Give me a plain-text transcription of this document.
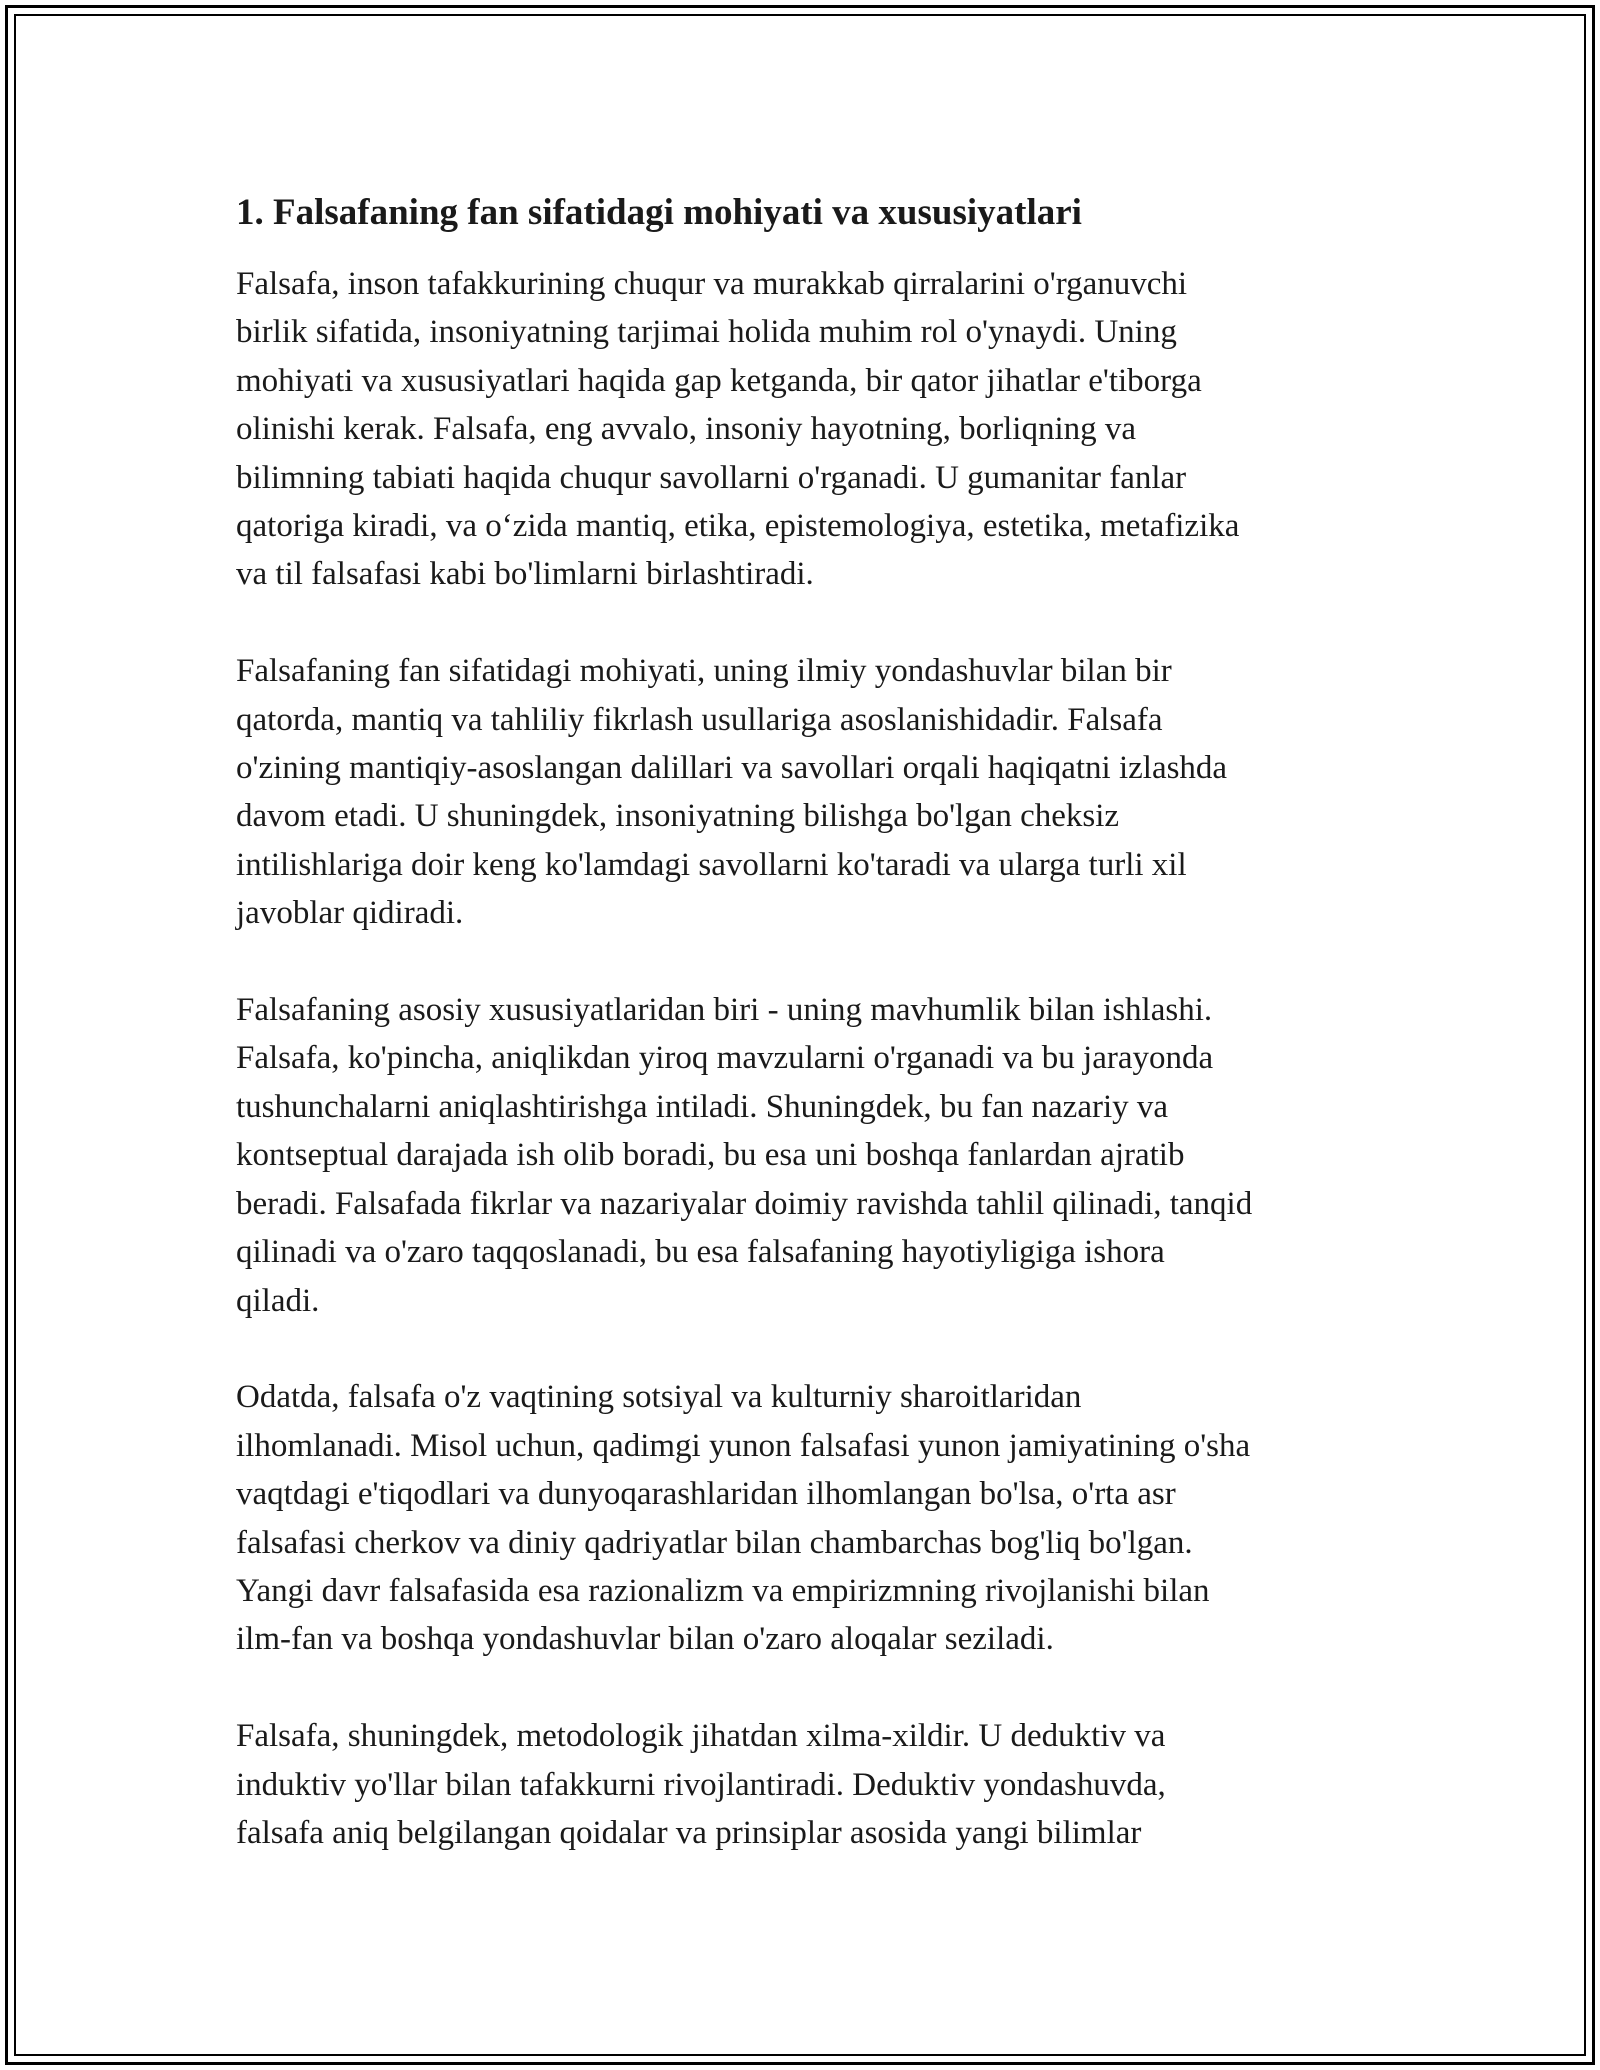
1. Falsafaning fan sifatidagi mohiyati va xususiyatlari

Falsafa, inson tafakkurining chuqur va murakkab qirralarini o'rganuvchi
birlik sifatida, insoniyatning tarjimai holida muhim rol o'ynaydi. Uning
mohiyati va xususiyatlari haqida gap ketganda, bir qator jihatlar e'tiborga
olinishi kerak. Falsafa, eng avvalo, insoniy hayotning, borliqning va
bilimning tabiati haqida chuqur savollarni o'rganadi. U gumanitar fanlar
qatoriga kiradi, va o‘zida mantiq, etika, epistemologiya, estetika, metafizika
va til falsafasi kabi bo'limlarni birlashtiradi.

Falsafaning fan sifatidagi mohiyati, uning ilmiy yondashuvlar bilan bir
qatorda, mantiq va tahliliy fikrlash usullariga asoslanishidadir. Falsafa
o'zining mantiqiy-asoslangan dalillari va savollari orqali haqiqatni izlashda
davom etadi. U shuningdek, insoniyatning bilishga bo'lgan cheksiz
intilishlariga doir keng ko'lamdagi savollarni ko'taradi va ularga turli xil
javoblar qidiradi.

Falsafaning asosiy xususiyatlaridan biri - uning mavhumlik bilan ishlashi.
Falsafa, ko'pincha, aniqlikdan yiroq mavzularni o'rganadi va bu jarayonda
tushunchalarni aniqlashtirishga intiladi. Shuningdek, bu fan nazariy va
kontseptual darajada ish olib boradi, bu esa uni boshqa fanlardan ajratib
beradi. Falsafada fikrlar va nazariyalar doimiy ravishda tahlil qilinadi, tanqid
qilinadi va o'zaro taqqoslanadi, bu esa falsafaning hayotiyligiga ishora
qiladi.

Odatda, falsafa o'z vaqtining sotsiyal va kulturniy sharoitlaridan
ilhomlanadi. Misol uchun, qadimgi yunon falsafasi yunon jamiyatining o'sha
vaqtdagi e'tiqodlari va dunyoqarashlaridan ilhomlangan bo'lsa, o'rta asr
falsafasi cherkov va diniy qadriyatlar bilan chambarchas bog'liq bo'lgan.
Yangi davr falsafasida esa razionalizm va empirizmning rivojlanishi bilan
ilm-fan va boshqa yondashuvlar bilan o'zaro aloqalar seziladi.

Falsafa, shuningdek, metodologik jihatdan xilma-xildir. U deduktiv va
induktiv yo'llar bilan tafakkurni rivojlantiradi. Deduktiv yondashuvda,
falsafa aniq belgilangan qoidalar va prinsiplar asosida yangi bilimlar
